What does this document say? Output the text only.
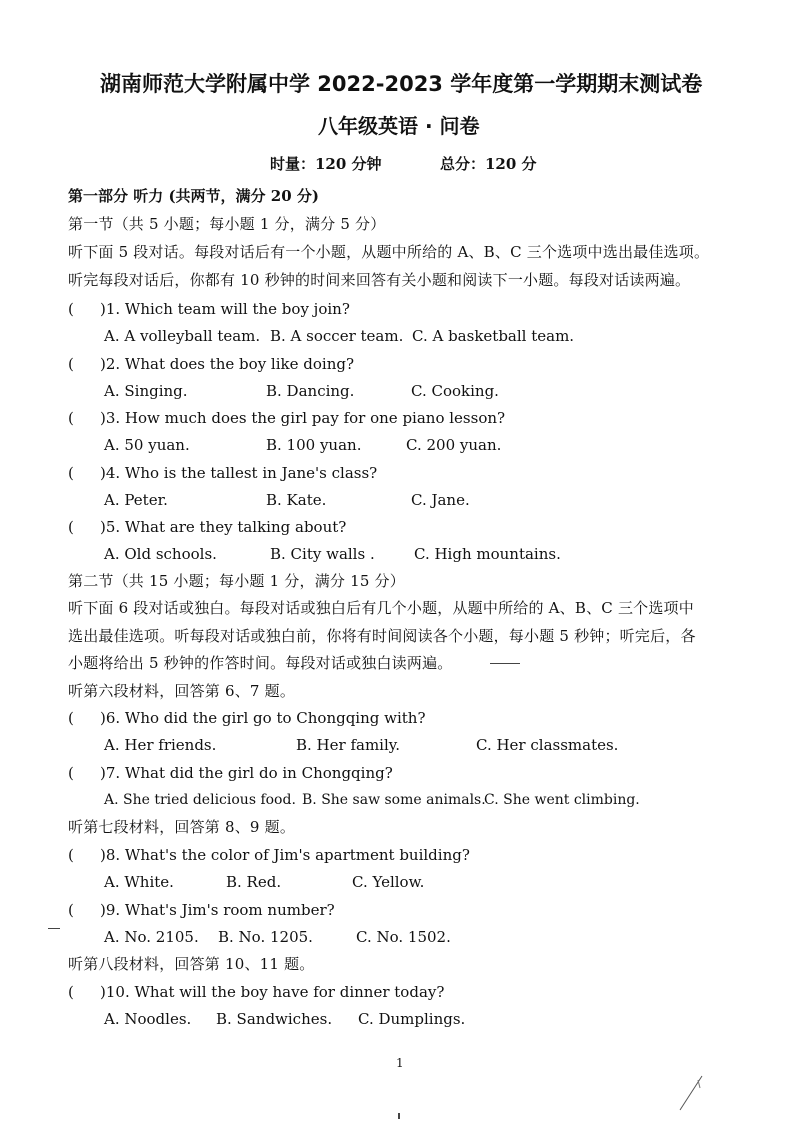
湖南师范大学附属中学 2022-2023 学年度第一学期期末测试卷
八年级英语 · 问卷
时量：120 分钟	总分：120 分
第一部分 听力 (共两节，满分 20 分)
第一节（共 5 小题；每小题 1 分，满分 5 分）
听下面 5 段对话。每段对话后有一个小题，从题中所给的 A、B、C 三个选项中选出最佳选项。
听完每段对话后，你都有 10 秒钟的时间来回答有关小题和阅读下一小题。每段对话读两遍。
( )1. Which team will the boy join?
A. A volleyball team. B. A soccer team. C. A basketball team.
( )2. What does the boy like doing?
A. Singing.	B. Dancing.	C. Cooking.
( )3. How much does the girl pay for one piano lesson?
A. 50 yuan.	B. 100 yuan.	C. 200 yuan.
( )4. Who is the tallest in Jane's class?
A. Peter.	B. Kate.	C. Jane.
( )5. What are they talking about?
A. Old schools.	B. City walls .	C. High mountains.
第二节（共 15 小题；每小题 1 分，满分 15 分）
听下面 6 段对话或独白。每段对话或独白后有几个小题，从题中所给的 A、B、C 三个选项中
选出最佳选项。听每段对话或独白前，你将有时间阅读各个小题，每小题 5 秒钟；听完后，各
小题将给出 5 秒钟的作答时间。每段对话或独白读两遍。
听第六段材料，回答第 6、7 题。
( )6. Who did the girl go to Chongqing with?
A. Her friends.	B. Her family.	C. Her classmates.
( )7. What did the girl do in Chongqing?
A. She tried delicious food. B. She saw some animals.
C. She went climbing.
听第七段材料，回答第 8、9 题。
( )8. What's the color of Jim's apartment building?
A. White.	B. Red.	C. Yellow.
( )9. What's Jim's room number?
A. No. 2105. B. No. 1205.	C. No. 1502.
听第八段材料，回答第 10、11 题。
( )10. What will the boy have for dinner today?
A. Noodles. B. Sandwiches. C. Dumplings.
1
